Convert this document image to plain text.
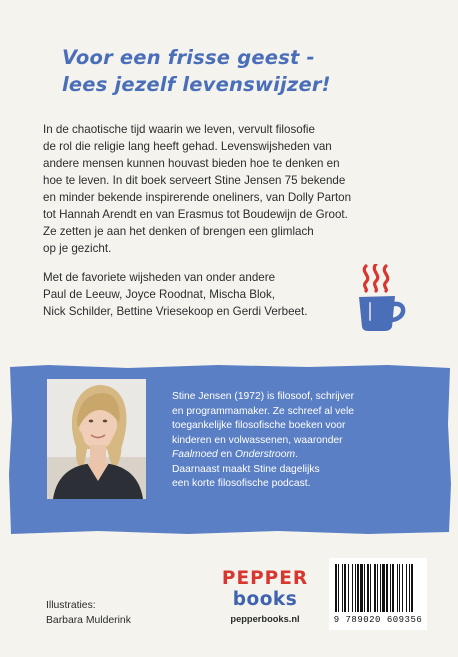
Voor een frisse geest -
lees jezelf levenswijzer!
In de chaotische tijd waarin we leven, vervult filosofie
de rol die religie lang heeft gehad. Levenswijsheden van
andere mensen kunnen houvast bieden hoe te denken en
hoe te leven. In dit boek serveert Stine Jensen 75 bekende
en minder bekende inspirerende oneliners, van Dolly Parton
tot Hannah Arendt en van Erasmus tot Boudewijn de Groot.
Ze zetten je aan het denken of brengen een glimlach
op je gezicht.
Met de favoriete wijsheden van onder andere
Paul de Leeuw, Joyce Roodnat, Mischa Blok,
Nick Schilder, Bettine Vriesekoop en Gerdi Verbeet.
Stine Jensen (1972) is filosoof, schrijver
en programmamaker. Ze schreef al vele
toegankelijke filosofische boeken voor
kinderen en volwassenen, waaronder
Faalmoed en Onderstroom.
Daarnaast maakt Stine dagelijks
een korte filosofische podcast.
Illustraties:
Barbara Mulderink
PEPPER
books
pepperbooks.nl	9 789020 609356
